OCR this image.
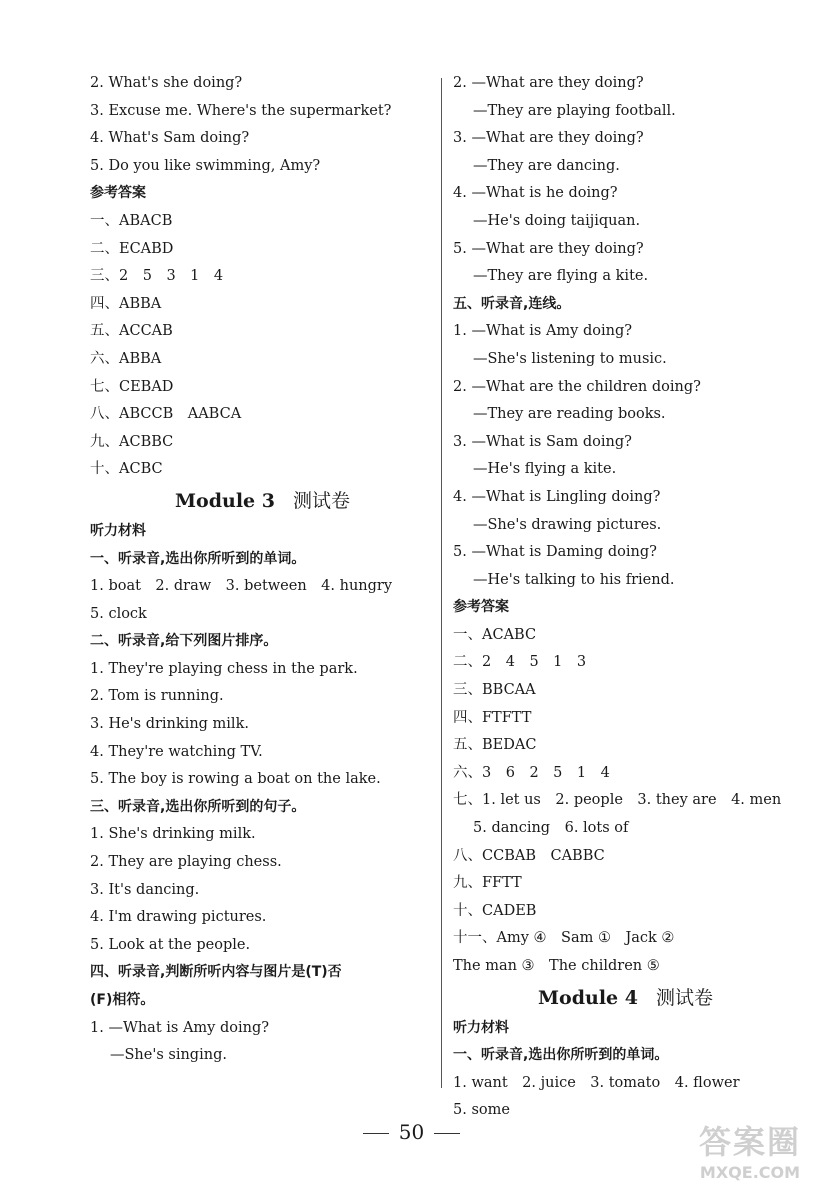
2. What's she doing?
3. Excuse me. Where's the supermarket?
4. What's Sam doing?
5. Do you like swimming, Amy?
参考答案
一、ABACB
二、ECABD
三、2　5　3　1　4
四、ABBA
五、ACCAB
六、ABBA
七、CEBAD
八、ABCCB　AABCA
九、ACBBC
十、ACBC
Module 3 测试卷
听力材料
一、听录音,选出你所听到的单词。
1. boat　2. draw　3. between　4. hungry
5. clock
二、听录音,给下列图片排序。
1. They're playing chess in the park.
2. Tom is running.
3. He's drinking milk.
4. They're watching TV.
5. The boy is rowing a boat on the lake.
三、听录音,选出你所听到的句子。
1. She's drinking milk.
2. They are playing chess.
3. It's dancing.
4. I'm drawing pictures.
5. Look at the people.
四、听录音,判断所听内容与图片是(T)否
(F)相符。
1. —What is Amy doing?
—She's singing.
2. —What are they doing?
—They are playing football.
3. —What are they doing?
—They are dancing.
4. —What is he doing?
—He's doing taijiquan.
5. —What are they doing?
—They are flying a kite.
五、听录音,连线。
1. —What is Amy doing?
—She's listening to music.
2. —What are the children doing?
—They are reading books.
3. —What is Sam doing?
—He's flying a kite.
4. —What is Lingling doing?
—She's drawing pictures.
5. —What is Daming doing?
—He's talking to his friend.
参考答案
一、ACABC
二、2　4　5　1　3
三、BBCAA
四、FTFTT
五、BEDAC
六、3　6　2　5　1　4
七、1. let us　2. people　3. they are　4. men
5. dancing　6. lots of
八、CCBAB　CABBC
九、FFTT
十、CADEB
十一、Amy ④　Sam ①　Jack ②
The man ③　The children ⑤
Module 4 测试卷
听力材料
一、听录音,选出你所听到的单词。
1. want　2. juice　3. tomato　4. flower
5. some
50	答案圈
MXQE.COM
